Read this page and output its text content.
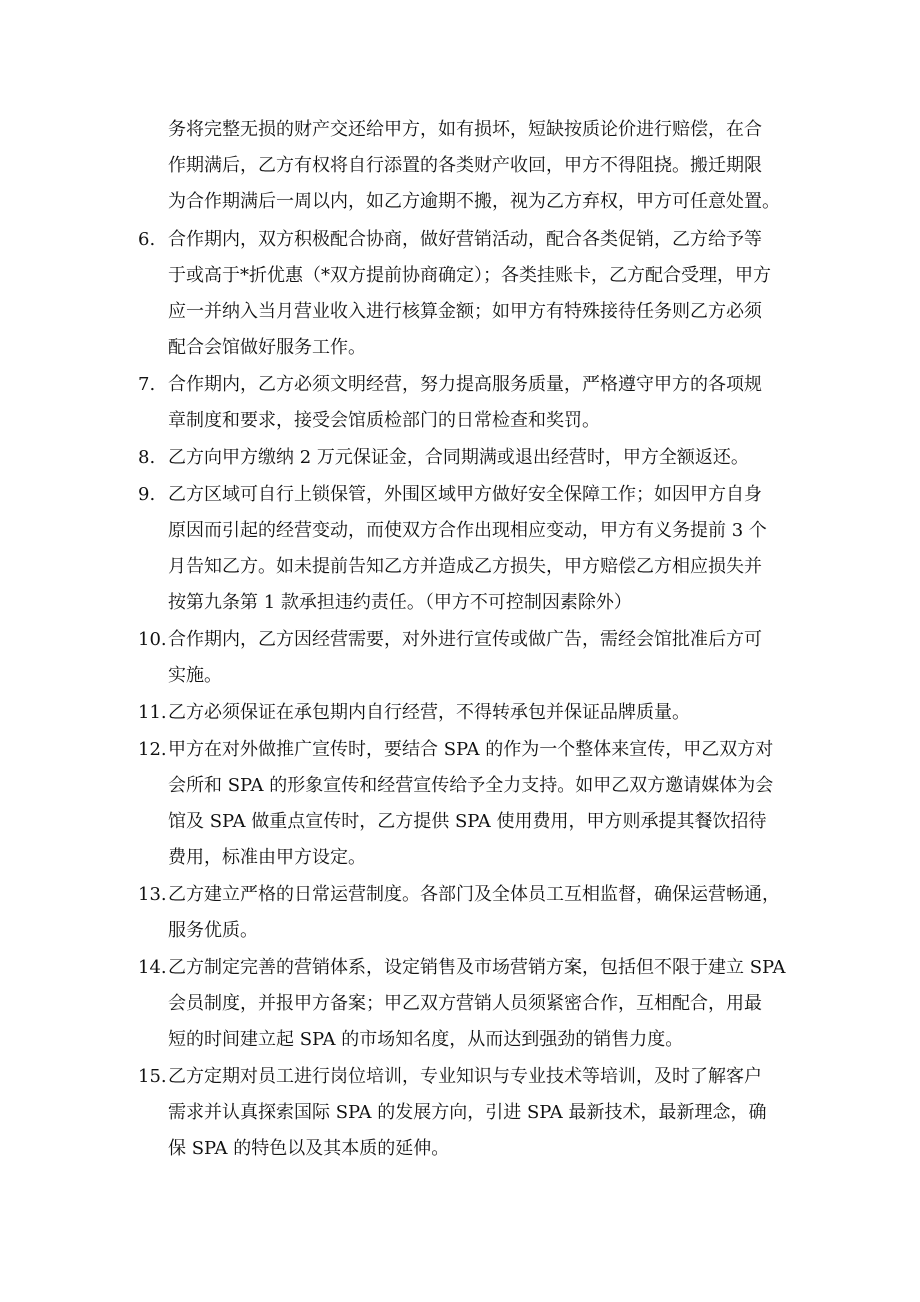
务将完整无损的财产交还给甲方，如有损坏，短缺按质论价进行赔偿，在合
作期满后，乙方有权将自行添置的各类财产收回，甲方不得阻挠。搬迁期限
为合作期满后一周以内，如乙方逾期不搬，视为乙方弃权，甲方可任意处置。
6. 合作期内，双方积极配合协商，做好营销活动，配合各类促销，乙方给予等
于或高于*折优惠（*双方提前协商确定）；各类挂账卡，乙方配合受理，甲方
应一并纳入当月营业收入进行核算金额；如甲方有特殊接待任务则乙方必须
配合会馆做好服务工作。
7. 合作期内，乙方必须文明经营，努力提高服务质量，严格遵守甲方的各项规
章制度和要求，接受会馆质检部门的日常检查和奖罚。
8. 乙方向甲方缴纳 2 万元保证金，合同期满或退出经营时，甲方全额返还。
9. 乙方区域可自行上锁保管，外围区域甲方做好安全保障工作；如因甲方自身
原因而引起的经营变动，而使双方合作出现相应变动，甲方有义务提前 3 个
月告知乙方。如未提前告知乙方并造成乙方损失，甲方赔偿乙方相应损失并
按第九条第 1 款承担违约责任。（甲方不可控制因素除外）
10. 合作期内，乙方因经营需要，对外进行宣传或做广告，需经会馆批准后方可
实施。
11. 乙方必须保证在承包期内自行经营，不得转承包并保证品牌质量。
12. 甲方在对外做推广宣传时，要结合 SPA 的作为一个整体来宣传，甲乙双方对
会所和 SPA 的形象宣传和经营宣传给予全力支持。如甲乙双方邀请媒体为会
馆及 SPA 做重点宣传时，乙方提供 SPA 使用费用，甲方则承提其餐饮招待
费用，标准由甲方设定。
13. 乙方建立严格的日常运营制度。各部门及全体员工互相监督，确保运营畅通，
服务优质。
14. 乙方制定完善的营销体系，设定销售及市场营销方案，包括但不限于建立 SPA
会员制度，并报甲方备案；甲乙双方营销人员须紧密合作，互相配合，用最
短的时间建立起 SPA 的市场知名度，从而达到强劲的销售力度。
15. 乙方定期对员工进行岗位培训，专业知识与专业技术等培训，及时了解客户
需求并认真探索国际 SPA 的发展方向，引进 SPA 最新技术，最新理念，确
保 SPA 的特色以及其本质的延伸。
